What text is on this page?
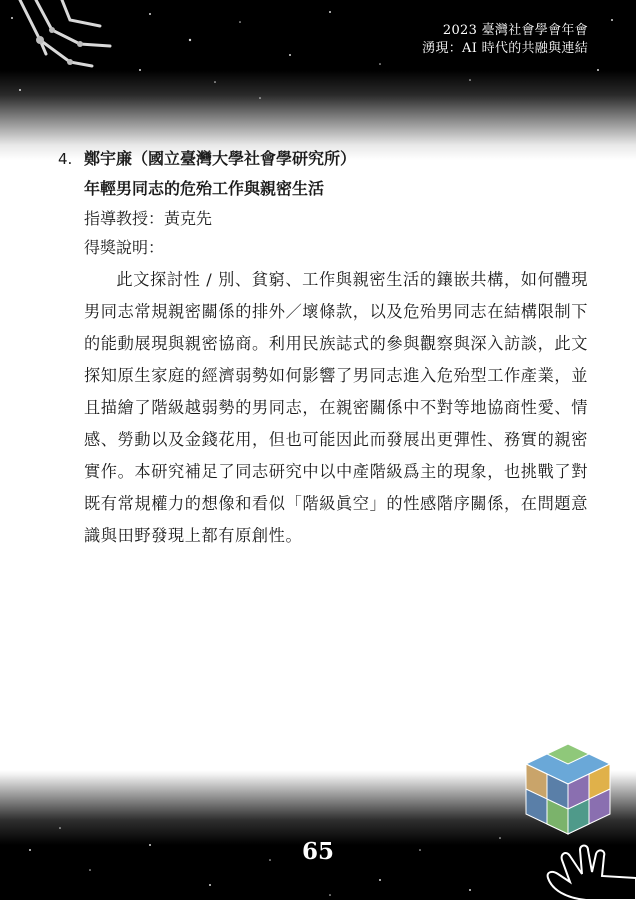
2023 臺灣社會學會年會
湧現：AI 時代的共融與連結
4. 鄭宇廉（國立臺灣大學社會學研究所）
年輕男同志的危殆工作與親密生活
指導教授：黃克先
得獎說明：

此文探討性 / 別、貧窮、工作與親密生活的鑲嵌共構，如何體現男同志常規親密關係的排外／壞條款，以及危殆男同志在結構限制下的能動展現與親密協商。利用民族誌式的參與觀察與深入訪談，此文探知原生家庭的經濟弱勢如何影響了男同志進入危殆型工作產業，並且描繪了階級越弱勢的男同志，在親密關係中不對等地協商性愛、情感、勞動以及金錢花用，但也可能因此而發展出更彈性、務實的親密實作。本研究補足了同志研究中以中產階級爲主的現象，也挑戰了對既有常規權力的想像和看似「階級眞空」的性感階序關係，在問題意識與田野發現上都有原創性。

65
